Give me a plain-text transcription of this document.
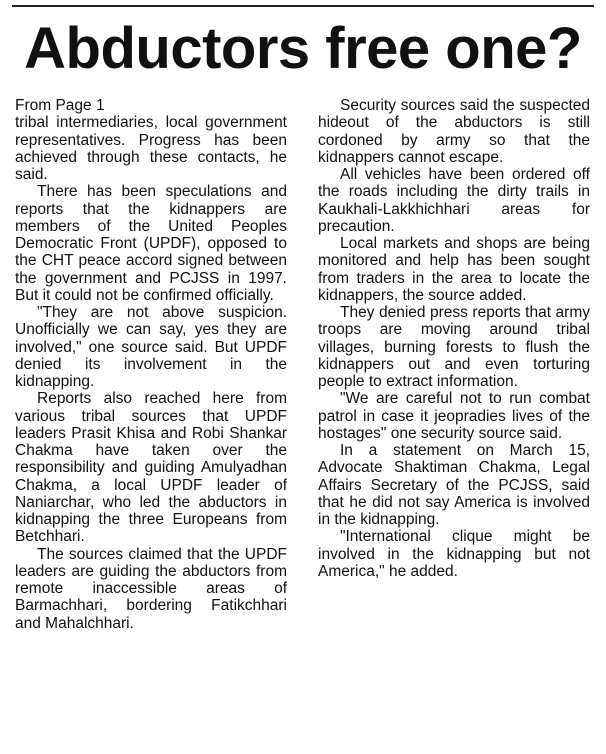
Abductors free one?

From Page 1

tribal intermediaries, local government representatives. Progress has been achieved through these contacts, he said.

There has been speculations and reports that the kidnappers are members of the United Peoples Democratic Front (UPDF), opposed to the CHT peace accord signed between the government and PCJSS in 1997. But it could not be confirmed officially.

"They are not above suspicion. Unofficially we can say, yes they are involved," one source said. But UPDF denied its involvement in the kidnapping.

Reports also reached here from various tribal sources that UPDF leaders Prasit Khisa and Robi Shankar Chakma have taken over the responsibility and guiding Amulyadhan Chakma, a local UPDF leader of Naniarchar, who led the abductors in kidnapping the three Europeans from Betchhari.

The sources claimed that the UPDF leaders are guiding the abductors from remote inaccessible areas of Barmachhari, bordering Fatikchhari and Mahalchhari.

Security sources said the suspected hideout of the abductors is still cordoned by army so that the kidnappers cannot escape.

All vehicles have been ordered off the roads including the dirty trails in Kaukhali-Lakkhichhari areas for precaution.

Local markets and shops are being monitored and help has been sought from traders in the area to locate the kidnappers, the source added.

They denied press reports that army troops are moving around tribal villages, burning forests to flush the kidnappers out and even torturing people to extract information.

"We are careful not to run combat patrol in case it jeopradies lives of the hostages" one security source said.

In a statement on March 15, Advocate Shaktiman Chakma, Legal Affairs Secretary of the PCJSS, said that he did not say America is involved in the kidnapping.

"International clique might be involved in the kidnapping but not America," he added.
